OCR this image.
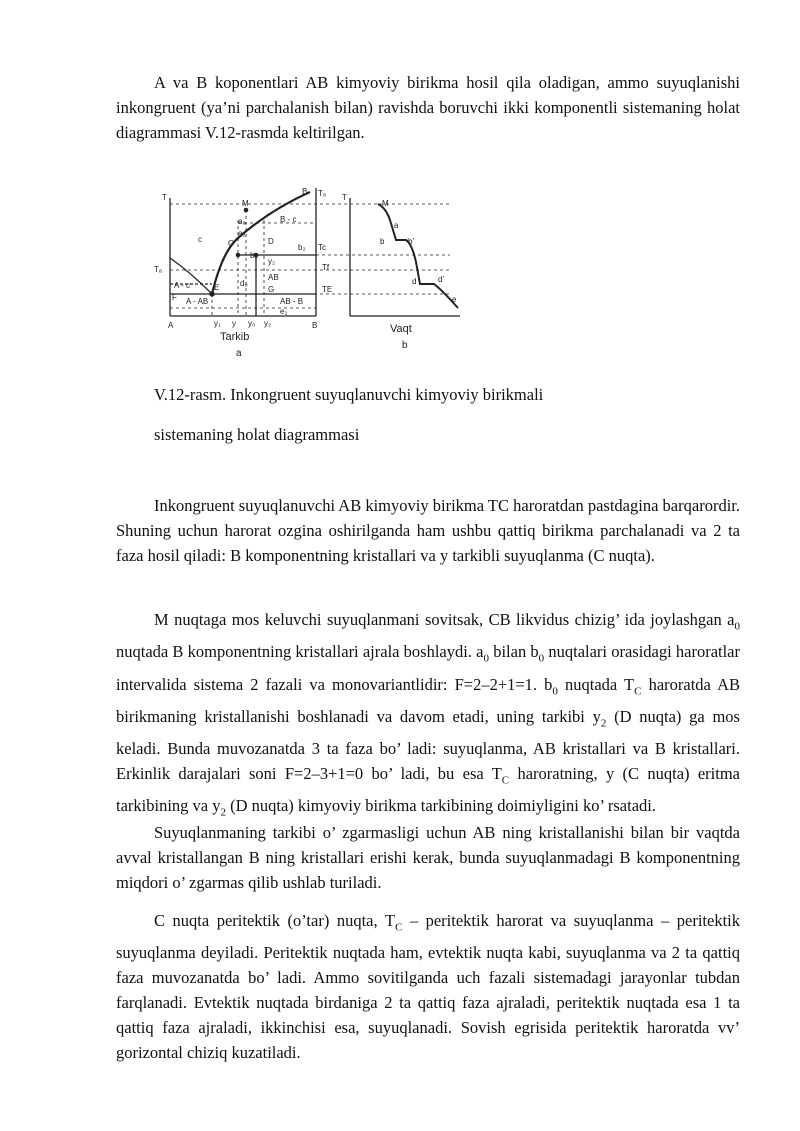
A va B koponentlari AB kimyoviy birikma hosil qila oladigan, ammo suyuqlanishi inkongruent (ya’ni parchalanish bilan) ravishda boruvchi ikki komponentli sistemaning holat diagrammasi V.12-rasmda keltirilgan.

T
Tₐ
T₈
M
B
a₀	B - c
a₂
c	C	D
b₀
b₂
y₂
Tc
A - c	E
A - AB
F
AB
G
AB - B
e₂
d₀
A	B
y₁ y y₀ y₂
Tarkib
a
T
M
a
b	b’
Tf
TE
d	d’
e
Vaqt
b

V.12-rasm. Inkongruent suyuqlanuvchi kimyoviy birikmali

sistemaning holat diagrammasi

Inkongruent suyuqlanuvchi AB kimyoviy birikma TC haroratdan pastdagina barqarordir. Shuning uchun harorat ozgina oshirilganda ham ushbu qattiq birikma parchalanadi va 2 ta faza hosil qiladi: B komponentning kristallari va y tarkibli suyuqlanma (C nuqta).

M nuqtaga mos keluvchi suyuqlanmani sovitsak, CB likvidus chizig’ ida joylashgan $a_0$ nuqtada B komponentning kristallari ajrala boshlaydi. $a_0$ bilan $b_0$ nuqtalari orasidagi haroratlar intervalida sistema 2 fazali va monovariantlidir: F=2–2+1=1. $b_0$ nuqtada $T_C$ haroratda AB birikmaning kristallanishi boshlanadi va davom etadi, uning tarkibi $y_2$ (D nuqta) ga mos keladi. Bunda muvozanatda 3 ta faza bo’ ladi: suyuqlanma, AB kristallari va B kristallari. Erkinlik darajalari soni F=2–3+1=0 bo’ ladi, bu esa $T_C$ haroratning, y (C nuqta) eritma tarkibining va $y_2$ (D nuqta) kimyoviy birikma tarkibining doimiyligini ko’ rsatadi.

Suyuqlanmaning tarkibi o’ zgarmasligi uchun AB ning kristallanishi bilan bir vaqtda avval kristallangan B ning kristallari erishi kerak, bunda suyuqlanmadagi B komponentning miqdori o’ zgarmas qilib ushlab turiladi.

C nuqta peritektik (o’tar) nuqta, $T_C$ – peritektik harorat va suyuqlanma – peritektik suyuqlanma deyiladi. Peritektik nuqtada ham, evtektik nuqta kabi, suyuqlanma va 2 ta qattiq faza muvozanatda bo’ ladi. Ammo sovitilganda uch fazali sistemadagi jarayonlar tubdan farqlanadi. Evtektik nuqtada birdaniga 2 ta qattiq faza ajraladi, peritektik nuqtada esa 1 ta qattiq faza ajraladi, ikkinchisi esa, suyuqlanadi. Sovish egrisida peritektik haroratda vv’ gorizontal chiziq kuzatiladi.
